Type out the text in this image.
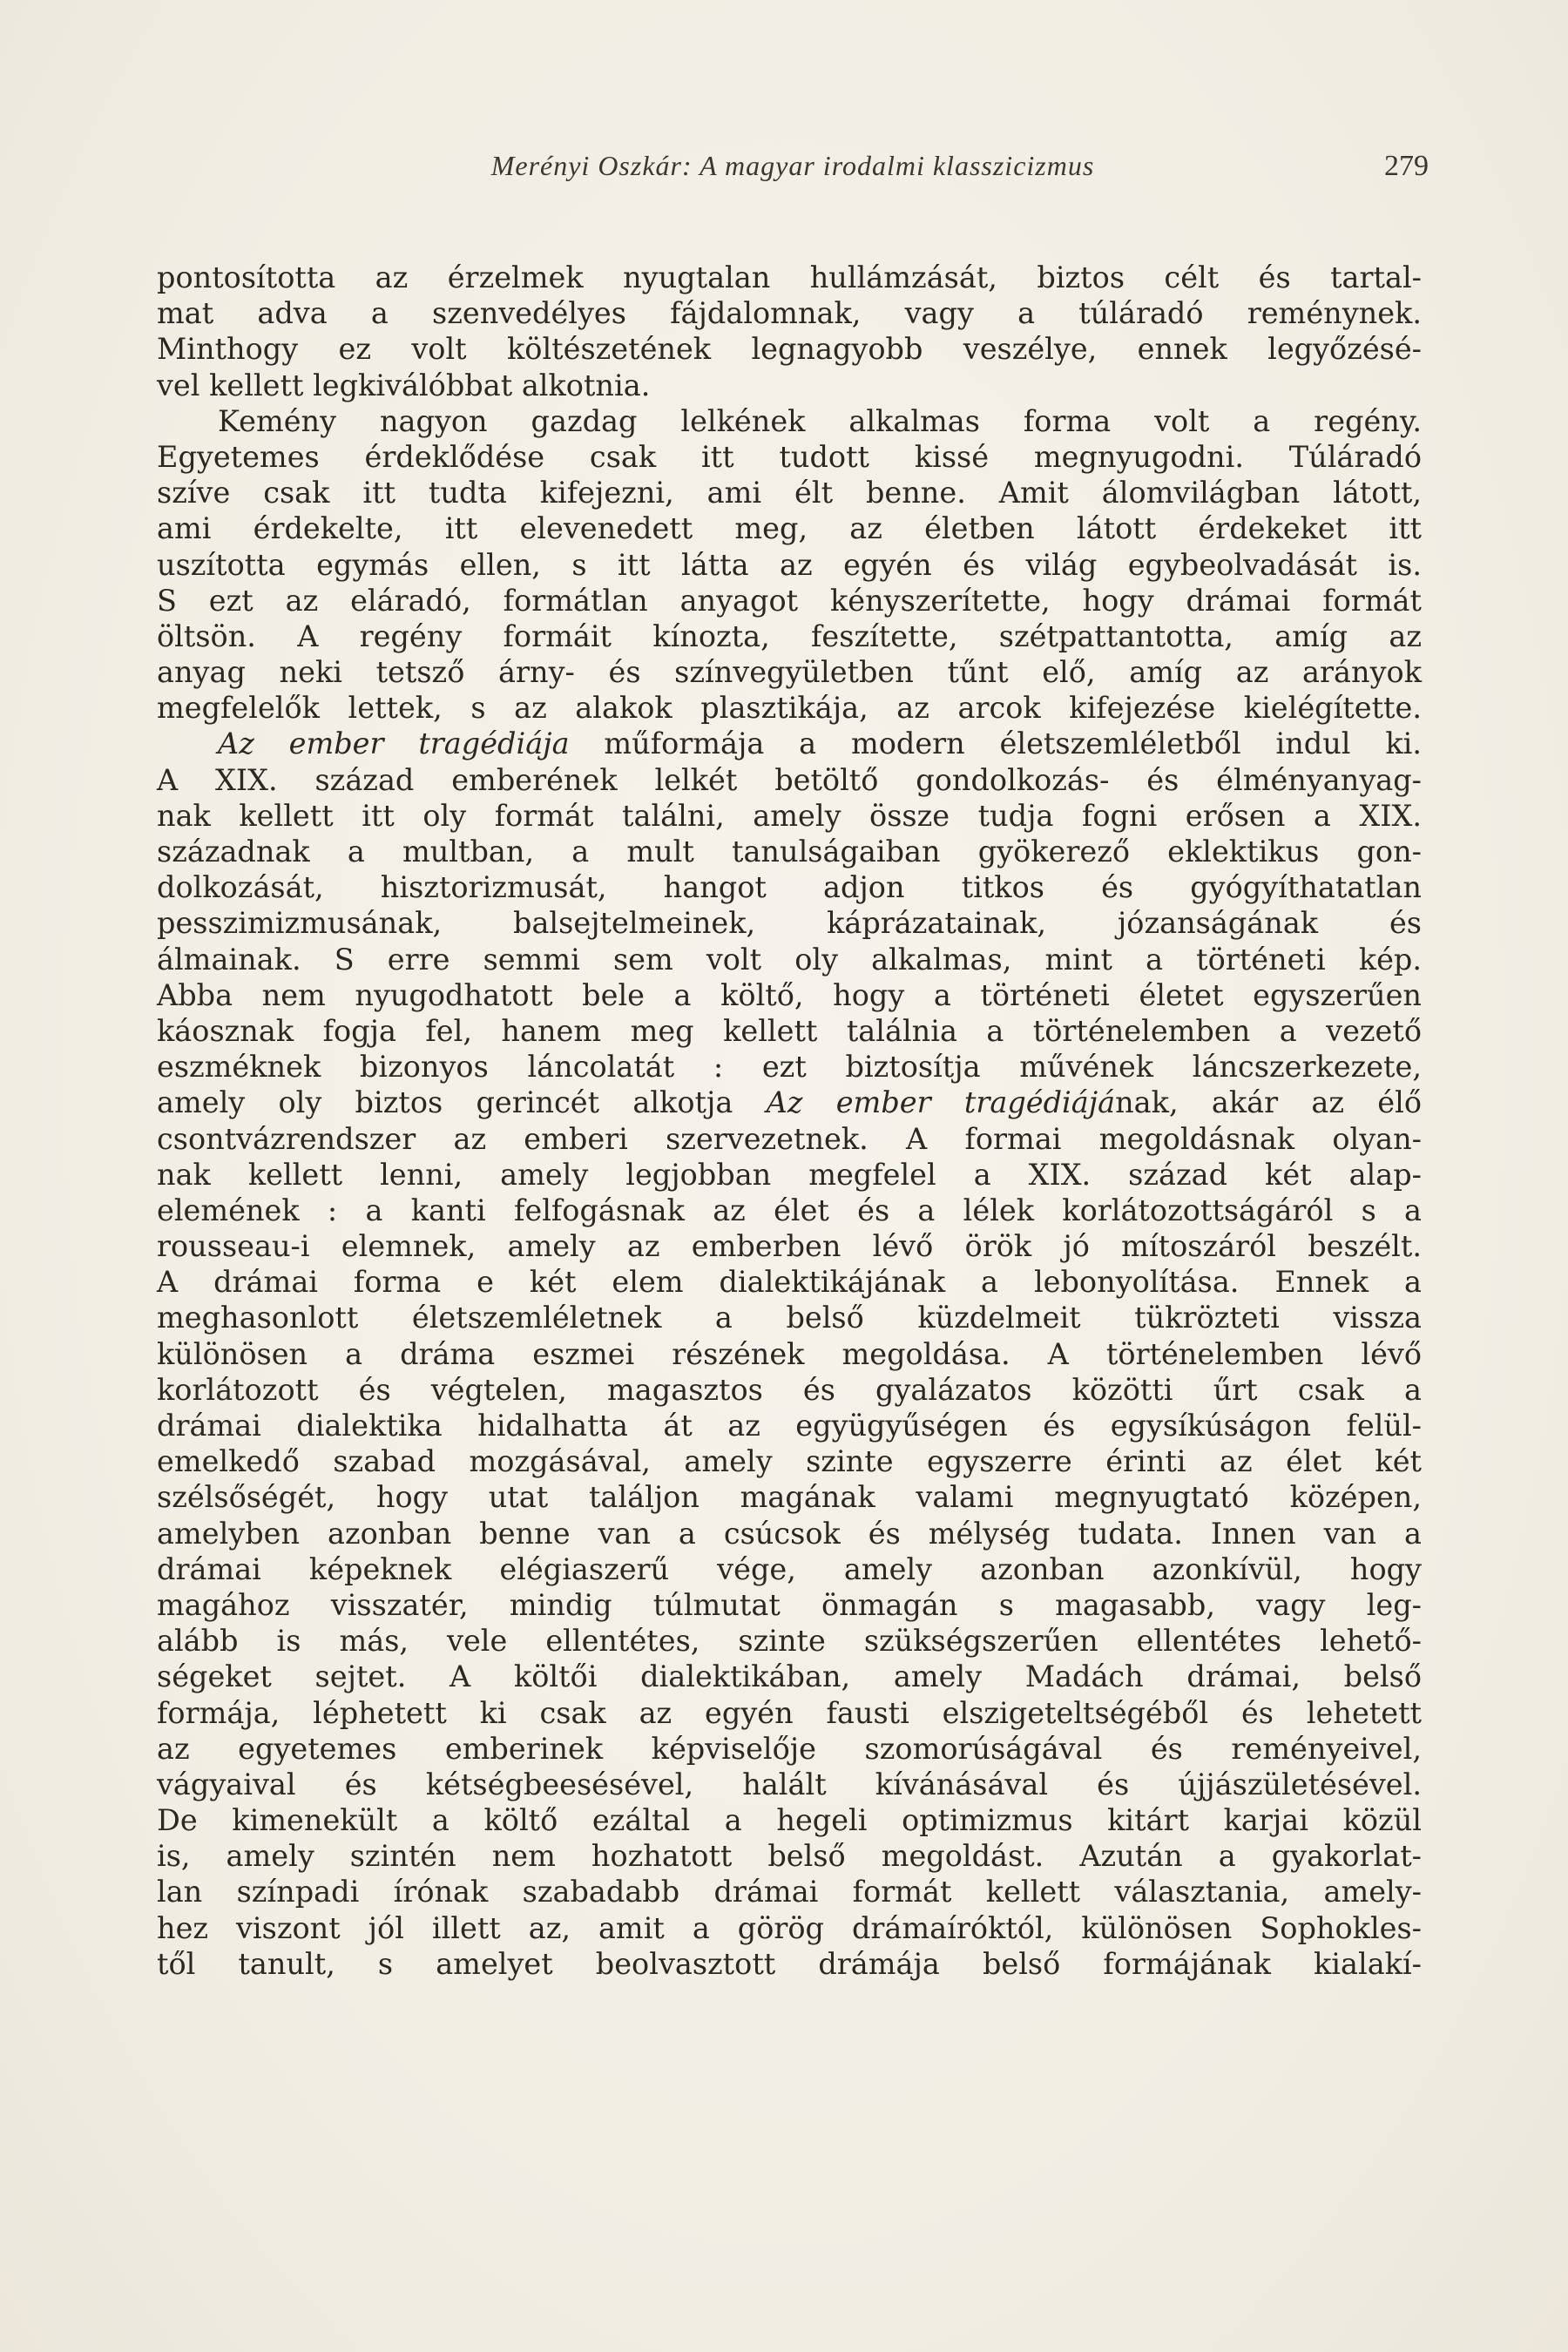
Merényi Oszkár: A magyar irodalmi klasszicizmus	279
pontosította az érzelmek nyugtalan hullámzását, biztos célt és tartal-
mat adva a szenvedélyes fájdalomnak, vagy a túláradó reménynek.
Minthogy ez volt költészetének legnagyobb veszélye, ennek legyőzésé-
vel kellett legkiválóbbat alkotnia.
Kemény nagyon gazdag lelkének alkalmas forma volt a regény.
Egyetemes érdeklődése csak itt tudott kissé megnyugodni. Túláradó
szíve csak itt tudta kifejezni, ami élt benne. Amit álomvilágban látott,
ami érdekelte, itt elevenedett meg, az életben látott érdekeket itt
uszította egymás ellen, s itt látta az egyén és világ egybeolvadását is.
S ezt az eláradó, formátlan anyagot kényszerítette, hogy drámai formát
öltsön. A regény formáit kínozta, feszítette, szétpattantotta, amíg az
anyag neki tetsző árny- és színvegyületben tűnt elő, amíg az arányok
megfelelők lettek, s az alakok plasztikája, az arcok kifejezése kielégítette.
Az ember tragédiája műformája a modern életszemléletből indul ki.
A XIX. század emberének lelkét betöltő gondolkozás- és élményanyag-
nak kellett itt oly formát találni, amely össze tudja fogni erősen a XIX.
századnak a multban, a mult tanulságaiban gyökerező eklektikus gon-
dolkozását, hisztorizmusát, hangot adjon titkos és gyógyíthatatlan
pesszimizmusának, balsejtelmeinek, káprázatainak, józanságának és
álmainak. S erre semmi sem volt oly alkalmas, mint a történeti kép.
Abba nem nyugodhatott bele a költő, hogy a történeti életet egyszerűen
káosznak fogja fel, hanem meg kellett találnia a történelemben a vezető
eszméknek bizonyos láncolatát : ezt biztosítja művének láncszerkezete,
amely oly biztos gerincét alkotja Az ember tragédiájának, akár az élő
csontvázrendszer az emberi szervezetnek. A formai megoldásnak olyan-
nak kellett lenni, amely legjobban megfelel a XIX. század két alap-
elemének : a kanti felfogásnak az élet és a lélek korlátozottságáról s a
rousseau-i elemnek, amely az emberben lévő örök jó mítoszáról beszélt.
A drámai forma e két elem dialektikájának a lebonyolítása. Ennek a
meghasonlott életszemléletnek a belső küzdelmeit tükrözteti vissza
különösen a dráma eszmei részének megoldása. A történelemben lévő
korlátozott és végtelen, magasztos és gyalázatos közötti űrt csak a
drámai dialektika hidalhatta át az együgyűségen és egysíkúságon felül-
emelkedő szabad mozgásával, amely szinte egyszerre érinti az élet két
szélsőségét, hogy utat találjon magának valami megnyugtató középen,
amelyben azonban benne van a csúcsok és mélység tudata. Innen van a
drámai képeknek elégiaszerű vége, amely azonban azonkívül, hogy
magához visszatér, mindig túlmutat önmagán s magasabb, vagy leg-
alább is más, vele ellentétes, szinte szükségszerűen ellentétes lehető-
ségeket sejtet. A költői dialektikában, amely Madách drámai, belső
formája, léphetett ki csak az egyén fausti elszigeteltségéből és lehetett
az egyetemes emberinek képviselője szomorúságával és reményeivel,
vágyaival és kétségbeesésével, halált kívánásával és újjászületésével.
De kimenekült a költő ezáltal a hegeli optimizmus kitárt karjai közül
is, amely szintén nem hozhatott belső megoldást. Azután a gyakorlat-
lan színpadi írónak szabadabb drámai formát kellett választania, amely-
hez viszont jól illett az, amit a görög drámaíróktól, különösen Sophokles-
től tanult, s amelyet beolvasztott drámája belső formájának kialakí-
